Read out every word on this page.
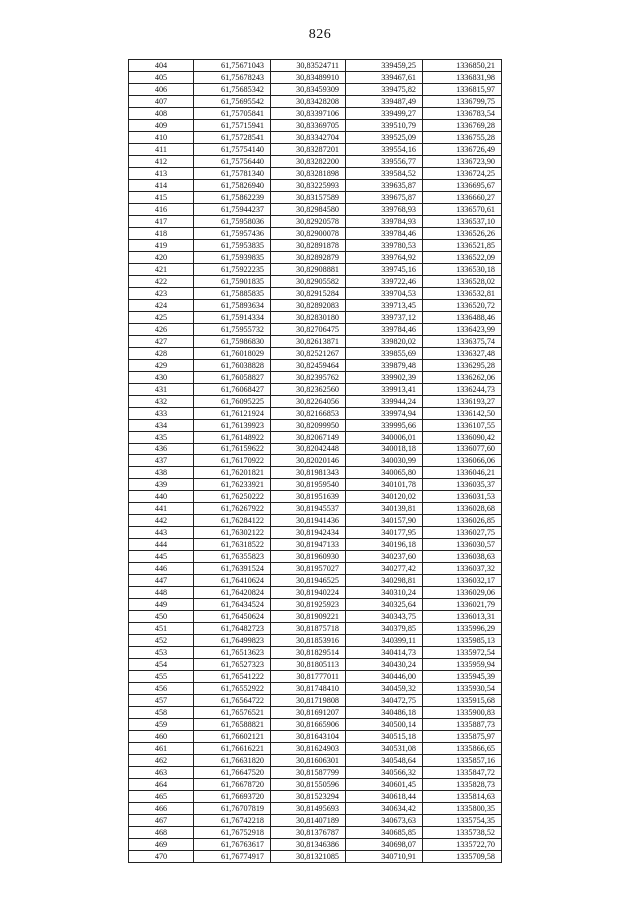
826
404	61,75671043	30,83524711	339459,25	1336850,21
405	61,75678243	30,83489910	339467,61	1336831,98
406	61,75685342	30,83459309	339475,82	1336815,97
407	61,75695542	30,83428208	339487,49	1336799,75
408	61,75705841	30,83397106	339499,27	1336783,54
409	61,75715941	30,83369705	339510,79	1336769,28
410	61,75728541	30,83342704	339525,09	1336755,28
411	61,75754140	30,83287201	339554,16	1336726,49
412	61,75756440	30,83282200	339556,77	1336723,90
413	61,75781340	30,83281898	339584,52	1336724,25
414	61,75826940	30,83225993	339635,87	1336695,67
415	61,75862239	30,83157589	339675,87	1336660,27
416	61,75944237	30,82984580	339768,93	1336570,61
417	61,75958036	30,82920578	339784,93	1336537,10
418	61,75957436	30,82900078	339784,46	1336526,26
419	61,75953835	30,82891878	339780,53	1336521,85
420	61,75939835	30,82892879	339764,92	1336522,09
421	61,75922235	30,82908881	339745,16	1336530,18
422	61,75901835	30,82905582	339722,46	1336528,02
423	61,75885835	30,82915284	339704,53	1336532,81
424	61,75893634	30,82892083	339713,45	1336520,72
425	61,75914334	30,82830180	339737,12	1336488,46
426	61,75955732	30,82706475	339784,46	1336423,99
427	61,75986830	30,82613871	339820,02	1336375,74
428	61,76018029	30,82521267	339855,69	1336327,48
429	61,76038828	30,82459464	339879,48	1336295,28
430	61,76058827	30,82395762	339902,39	1336262,06
431	61,76068427	30,82362560	339913,41	1336244,73
432	61,76095225	30,82264056	339944,24	1336193,27
433	61,76121924	30,82166853	339974,94	1336142,50
434	61,76139923	30,82099950	339995,66	1336107,55
435	61,76148922	30,82067149	340006,01	1336090,42
436	61,76159622	30,82042448	340018,18	1336077,60
437	61,76170922	30,82020146	340030,99	1336066,06
438	61,76201821	30,81981343	340065,80	1336046,21
439	61,76233921	30,81959540	340101,78	1336035,37
440	61,76250222	30,81951639	340120,02	1336031,53
441	61,76267922	30,81945537	340139,81	1336028,68
442	61,76284122	30,81941436	340157,90	1336026,85
443	61,76302122	30,81942434	340177,95	1336027,75
444	61,76318522	30,81947133	340196,18	1336030,57
445	61,76355823	30,81960930	340237,60	1336038,63
446	61,76391524	30,81957027	340277,42	1336037,32
447	61,76410624	30,81946525	340298,81	1336032,17
448	61,76420824	30,81940224	340310,24	1336029,06
449	61,76434524	30,81925923	340325,64	1336021,79
450	61,76450624	30,81909221	340343,75	1336013,31
451	61,76482723	30,81875718	340379,85	1335996,29
452	61,76499823	30,81853916	340399,11	1335985,13
453	61,76513623	30,81829514	340414,73	1335972,54
454	61,76527323	30,81805113	340430,24	1335959,94
455	61,76541222	30,81777011	340446,00	1335945,39
456	61,76552922	30,81748410	340459,32	1335930,54
457	61,76564722	30,81719808	340472,75	1335915,68
458	61,76576521	30,81691207	340486,18	1335900,83
459	61,76588821	30,81665906	340500,14	1335887,73
460	61,76602121	30,81643104	340515,18	1335875,97
461	61,76616221	30,81624903	340531,08	1335866,65
462	61,76631820	30,81606301	340548,64	1335857,16
463	61,76647520	30,81587799	340566,32	1335847,72
464	61,76678720	30,81550596	340601,45	1335828,73
465	61,76693720	30,81523294	340618,44	1335814,63
466	61,76707819	30,81495693	340634,42	1335800,35
467	61,76742218	30,81407189	340673,63	1335754,35
468	61,76752918	30,81376787	340685,85	1335738,52
469	61,76763617	30,81346386	340698,07	1335722,70
470	61,76774917	30,81321085	340710,91	1335709,58
